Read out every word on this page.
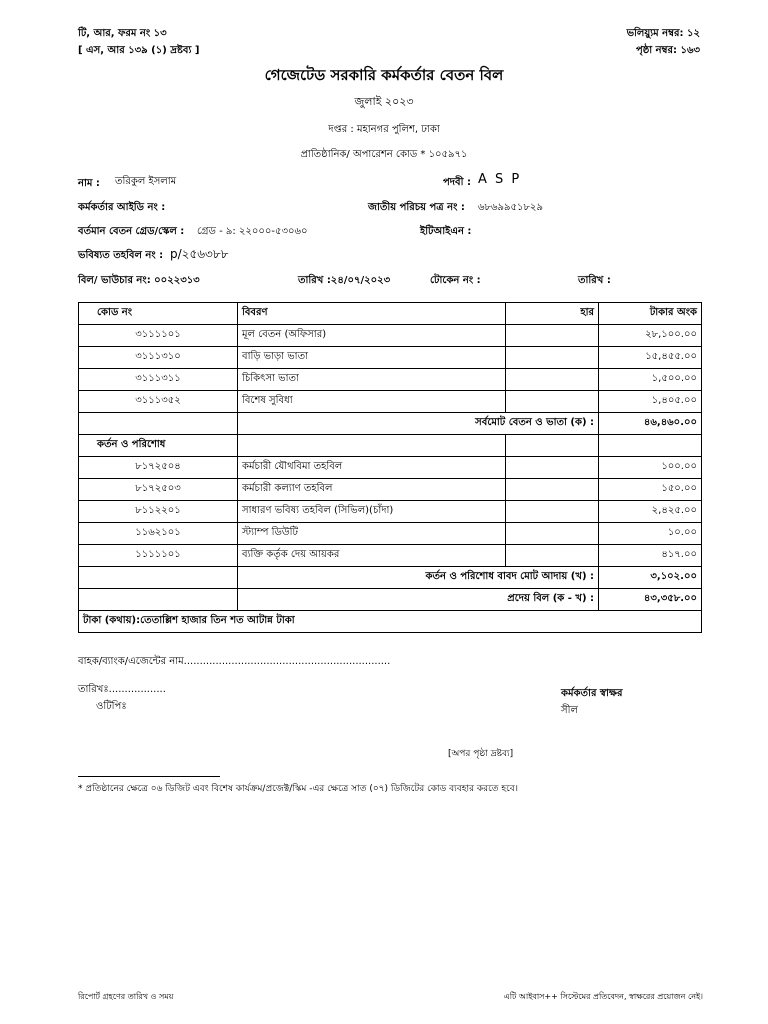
টি, আর, ফরম নং ১৩
[ এস, আর ১৩৯ (১) দ্রষ্টব্য ]
ভলিয়্যুম নম্বর: ১২
পৃষ্ঠা নম্বর: ১৬৩
গেজেটেড সরকারি কর্মকর্তার বেতন বিল
জুলাই ২০২৩
দপ্তর : মহানগর পুলিশ, ঢাকা
প্রাতিষ্ঠানিক/ অপারেশন কোড * ১০৫৯৭১
নাম : তরিকুল ইসলাম	পদবী : A S P
কর্মকর্তার আইডি নং :	জাতীয় পরিচয় পত্র নং : ৬৮৬৯৯৫১৮২৯
বর্তমান বেতন গ্রেড/স্কেল : গ্রেড - ৯: ২২০০০-৫৩০৬০	ইটিআইএন :
ভবিষ্যত তহবিল নং : p/২৫৬৩৮৮
বিল/ ভাউচার নং: ০০২২৩১৩	তারিখ :২৪/০৭/২০২৩	টোকেন নং :	তারিখ :
কোড নং	বিবরণ	হার	টাকার অংক
৩১১১১০১	মূল বেতন (অফিসার)		২৮,১০০.০০
৩১১১৩১০	বাড়ি ভাড়া ভাতা		১৫,৪৫৫.০০
৩১১১৩১১	চিকিৎসা ভাতা		১,৫০০.০০
৩১১১৩৫২	বিশেষ সুবিধা		১,৪০৫.০০
	সর্বমোট বেতন ও ভাতা (ক) :		৪৬,৪৬০.০০
কর্তন ও পরিশোধ			
৮১৭২৫০৪	কর্মচারী যৌথবিমা তহবিল		১০০.০০
৮১৭২৫০৩	কর্মচারী কল্যাণ তহবিল		১৫০.০০
৮১১২২০১	সাধারণ ভবিষ্য তহবিল (সিভিল)(চাঁদা)		২,৪২৫.০০
১১৬২১০১	স্ট্যাম্প ডিউটি		১০.০০
১১১১১০১	ব্যক্তি কর্তৃক দেয় আয়কর		৪১৭.০০
	কর্তন ও পরিশোধ বাবদ মোট আদায় (খ) :		৩,১০২.০০
	প্রদেয় বিল (ক - খ) :		৪৩,৩৫৮.০০
টাকা (কথায়):তেতাল্লিশ হাজার তিন শত আটান্ন টাকা			
বাহক/ব্যাংক/এজেন্টের নাম.................................................................
তারিখঃ..................
ওটিপিঃ
কর্মকর্তার স্বাক্ষর
সীল
[অপর পৃষ্ঠা দ্রষ্টব্য]
* প্রতিষ্ঠানের ক্ষেত্রে ০৬ ডিজিট এবং বিশেষ কার্যক্রম/প্রজেক্ট/স্কিম -এর ক্ষেত্রে সাত (০৭) ডিজিটের কোড ব্যবহার করতে হবে।
রিপোর্ট গ্রহণের তারিখ ও সময়	এটি আইবাস++ সিস্টেমের প্রতিবেদন, স্বাক্ষরের প্রয়োজন নেই।
